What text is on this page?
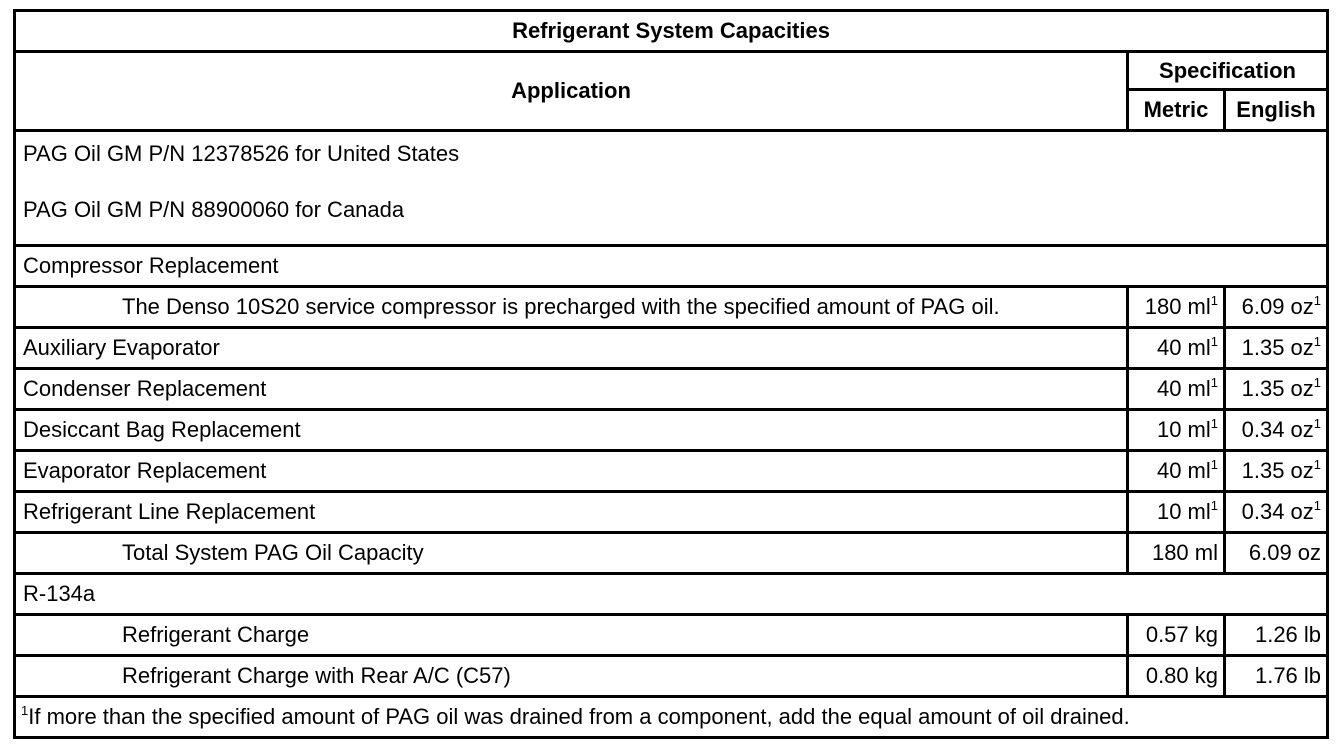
Refrigerant System Capacities		
Application	Specification	
	Metric	English

PAG Oil GM P/N 12378526 for United States
PAG Oil GM P/N 88900060 for Canada		

Compressor Replacement		
The Denso 10S20 service compressor is precharged with the specified amount of PAG oil.	180 $ml^1$	6.09 $oz^1$
Auxiliary Evaporator	40 $ml^1$	1.35 $oz^1$
Condenser Replacement	40 $ml^1$	1.35 $oz^1$
Desiccant Bag Replacement	10 $ml^1$	0.34 $oz^1$
Evaporator Replacement	40 $ml^1$	1.35 $oz^1$
Refrigerant Line Replacement	10 $ml^1$	0.34 $oz^1$
Total System PAG Oil Capacity	180 ml	6.09 oz
R-134a		
Refrigerant Charge	0.57 kg	1.26 lb
Refrigerant Charge with Rear A/C (C57)	0.80 kg	1.76 lb
$^1$If more than the specified amount of PAG oil was drained from a component, add the equal amount of oil drained.		
